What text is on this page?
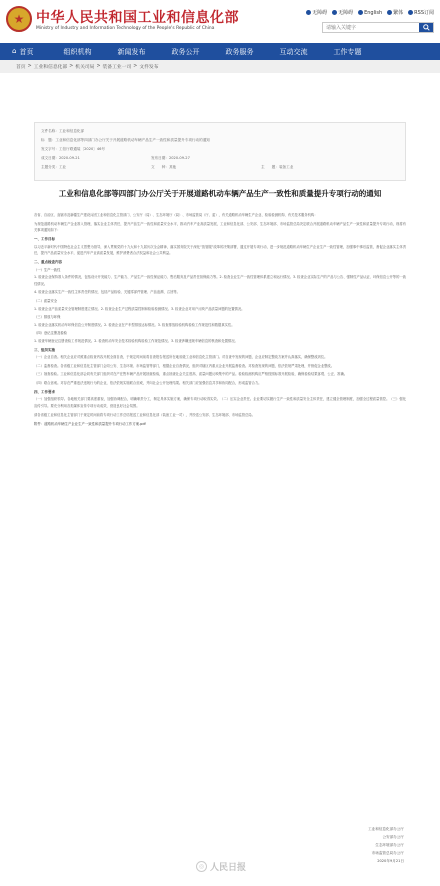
★ 中华人民共和国工业和信息化部
Ministry of Industry and Information Technology of the People's Republic of China
无障碍 无障碍 English 繁体 RSS订阅
请输入关键字
⌂ 首页	组织机构	新闻发布	政务公开	政务服务	互动交流	工作专题
首页 > 工业和信息化部 > 机关司局 > 装备工业一司 > 文件发布
文件名称：工业和信息化部
标　题：工业和信息化部等四部门办公厅关于开展道路机动车辆产品生产一致性和质量提升专项行动的通知
发文字号：工信厅联通装〔2020〕46号
成文日期：2020-09-21	发布日期：2020-09-27
主题分类：工业	文　　种：其他	主　　题：装备工业
工业和信息化部等四部门办公厅关于开展道路机动车辆产品生产一致性和质量提升专项行动的通知

各省、自治区、直辖市及新疆生产建设兵团工业和信息化主管部门、公安厅（局）、生态环境厅（局）、市场监管局（厅、委），有关道路机动车辆生产企业、检验检测机构、有关技术服务机构：

为规范道路机动车辆生产企业准入管理，落实企业主体责任，提升产品生产一致性和质量安全水平，推动汽车产业高质量发展，工业和信息化部、公安部、生态环境部、市场监管总局决定联合开展道路机动车辆产品生产一致性和质量提升专项行动，现将有关事项通知如下：

一、工作目标

以习近平新时代中国特色社会主义思想为指导，深入贯彻党的十九大和十九届历次全会精神，落实国务院关于深化“放管服”改革的决策部署，通过开展专项行动，进一步规范道路机动车辆生产企业生产一致性管理，加强事中事后监管，督促企业落实主体责任，提升产品质量安全水平，促进汽车产业高质量发展，维护消费者合法权益和社会公共利益。

二、重点检查内容

（一）生产一致性

1. 检查企业保持准入条件的情况，包括设计开发能力、生产能力、产品生产一致性保证能力、售后服务及产品责任担保能力等。2. 检查企业生产一致性管理体系建立和运行情况。3. 检查企业实际生产的产品与公告、强制性产品认证、环保信息公开等的一致性情况。

4. 检查企业落实生产一致性主体责任的情况，包括产品检验、关键零部件管理、产品追溯、召回等。

（二）质量安全

1. 检查企业产品质量安全管理制度建立情况。2. 检查企业生产过程质量控制和检验检测情况。3. 检查企业对用户反映产品质量问题的处置情况。

（三）排放与环保

1. 检查企业落实机动车环保信息公开制度情况。2. 检查企业在产车型排放达标情况。3. 检查排放检验机构检验工作规范性和数据真实性。

（四）登记注册及检验

1. 检查车辆登记注册查验工作规范情况。2. 检查机动车安全技术检验机构检验工作规范情况。3. 检查涉嫌违规车辆信息的核查和处置情况。

三、组织实施

（一）企业自查。相关企业应对照重点检查内容开展全面自查，于规定时间前将自查报告报送所在地省级工业和信息化主管部门。对自查中发现的问题，企业应制定整改方案并认真落实，确保整改到位。

（二）监督检查。各省级工业和信息化主管部门会同公安、生态环境、市场监管等部门，根据企业自查情况，组织对辖区内重点企业开展监督检查。对检查发现的问题，依法依规严肃处理，并督促企业整改。

（三）抽查检验。工业和信息化部会同有关部门组织对在产在售车辆产品开展抽查检验，重点抽查社会关注度高、质量问题反映集中的产品。检验检测机构应严格按照标准开展检验，确保检验结果客观、公正、准确。

（四）联合惩戒。对存在严重违法违规行为的企业，依法依规实施联合惩戒，并向社会公开处理结果。相关部门应加强信息共享和协同配合，形成监管合力。

四、工作要求

（一）加强组织领导。各地相关部门要高度重视，加强协调配合，明确职责分工，制定具体实施方案，确保专项行动取得实效。（二）压实企业责任。企业要切实履行生产一致性和质量安全主体责任，建立健全管理制度，加强全过程质量管控。（三）强化宣传引导。要充分利用各类媒体宣传专项行动成效，营造良好社会氛围。

请各省级工业和信息化主管部门于规定时间前将专项行动工作总结报送工业和信息化部（装备工业一司），并抄送公安部、生态环境部、市场监管总局。

附件：道路机动车辆生产企业生产一致性和质量提升专项行动工作方案.pdf

工业和信息化部办公厅
公安部办公厅
生态环境部办公厅
市场监管总局办公厅
2020年9月21日
◎ 人民日报
